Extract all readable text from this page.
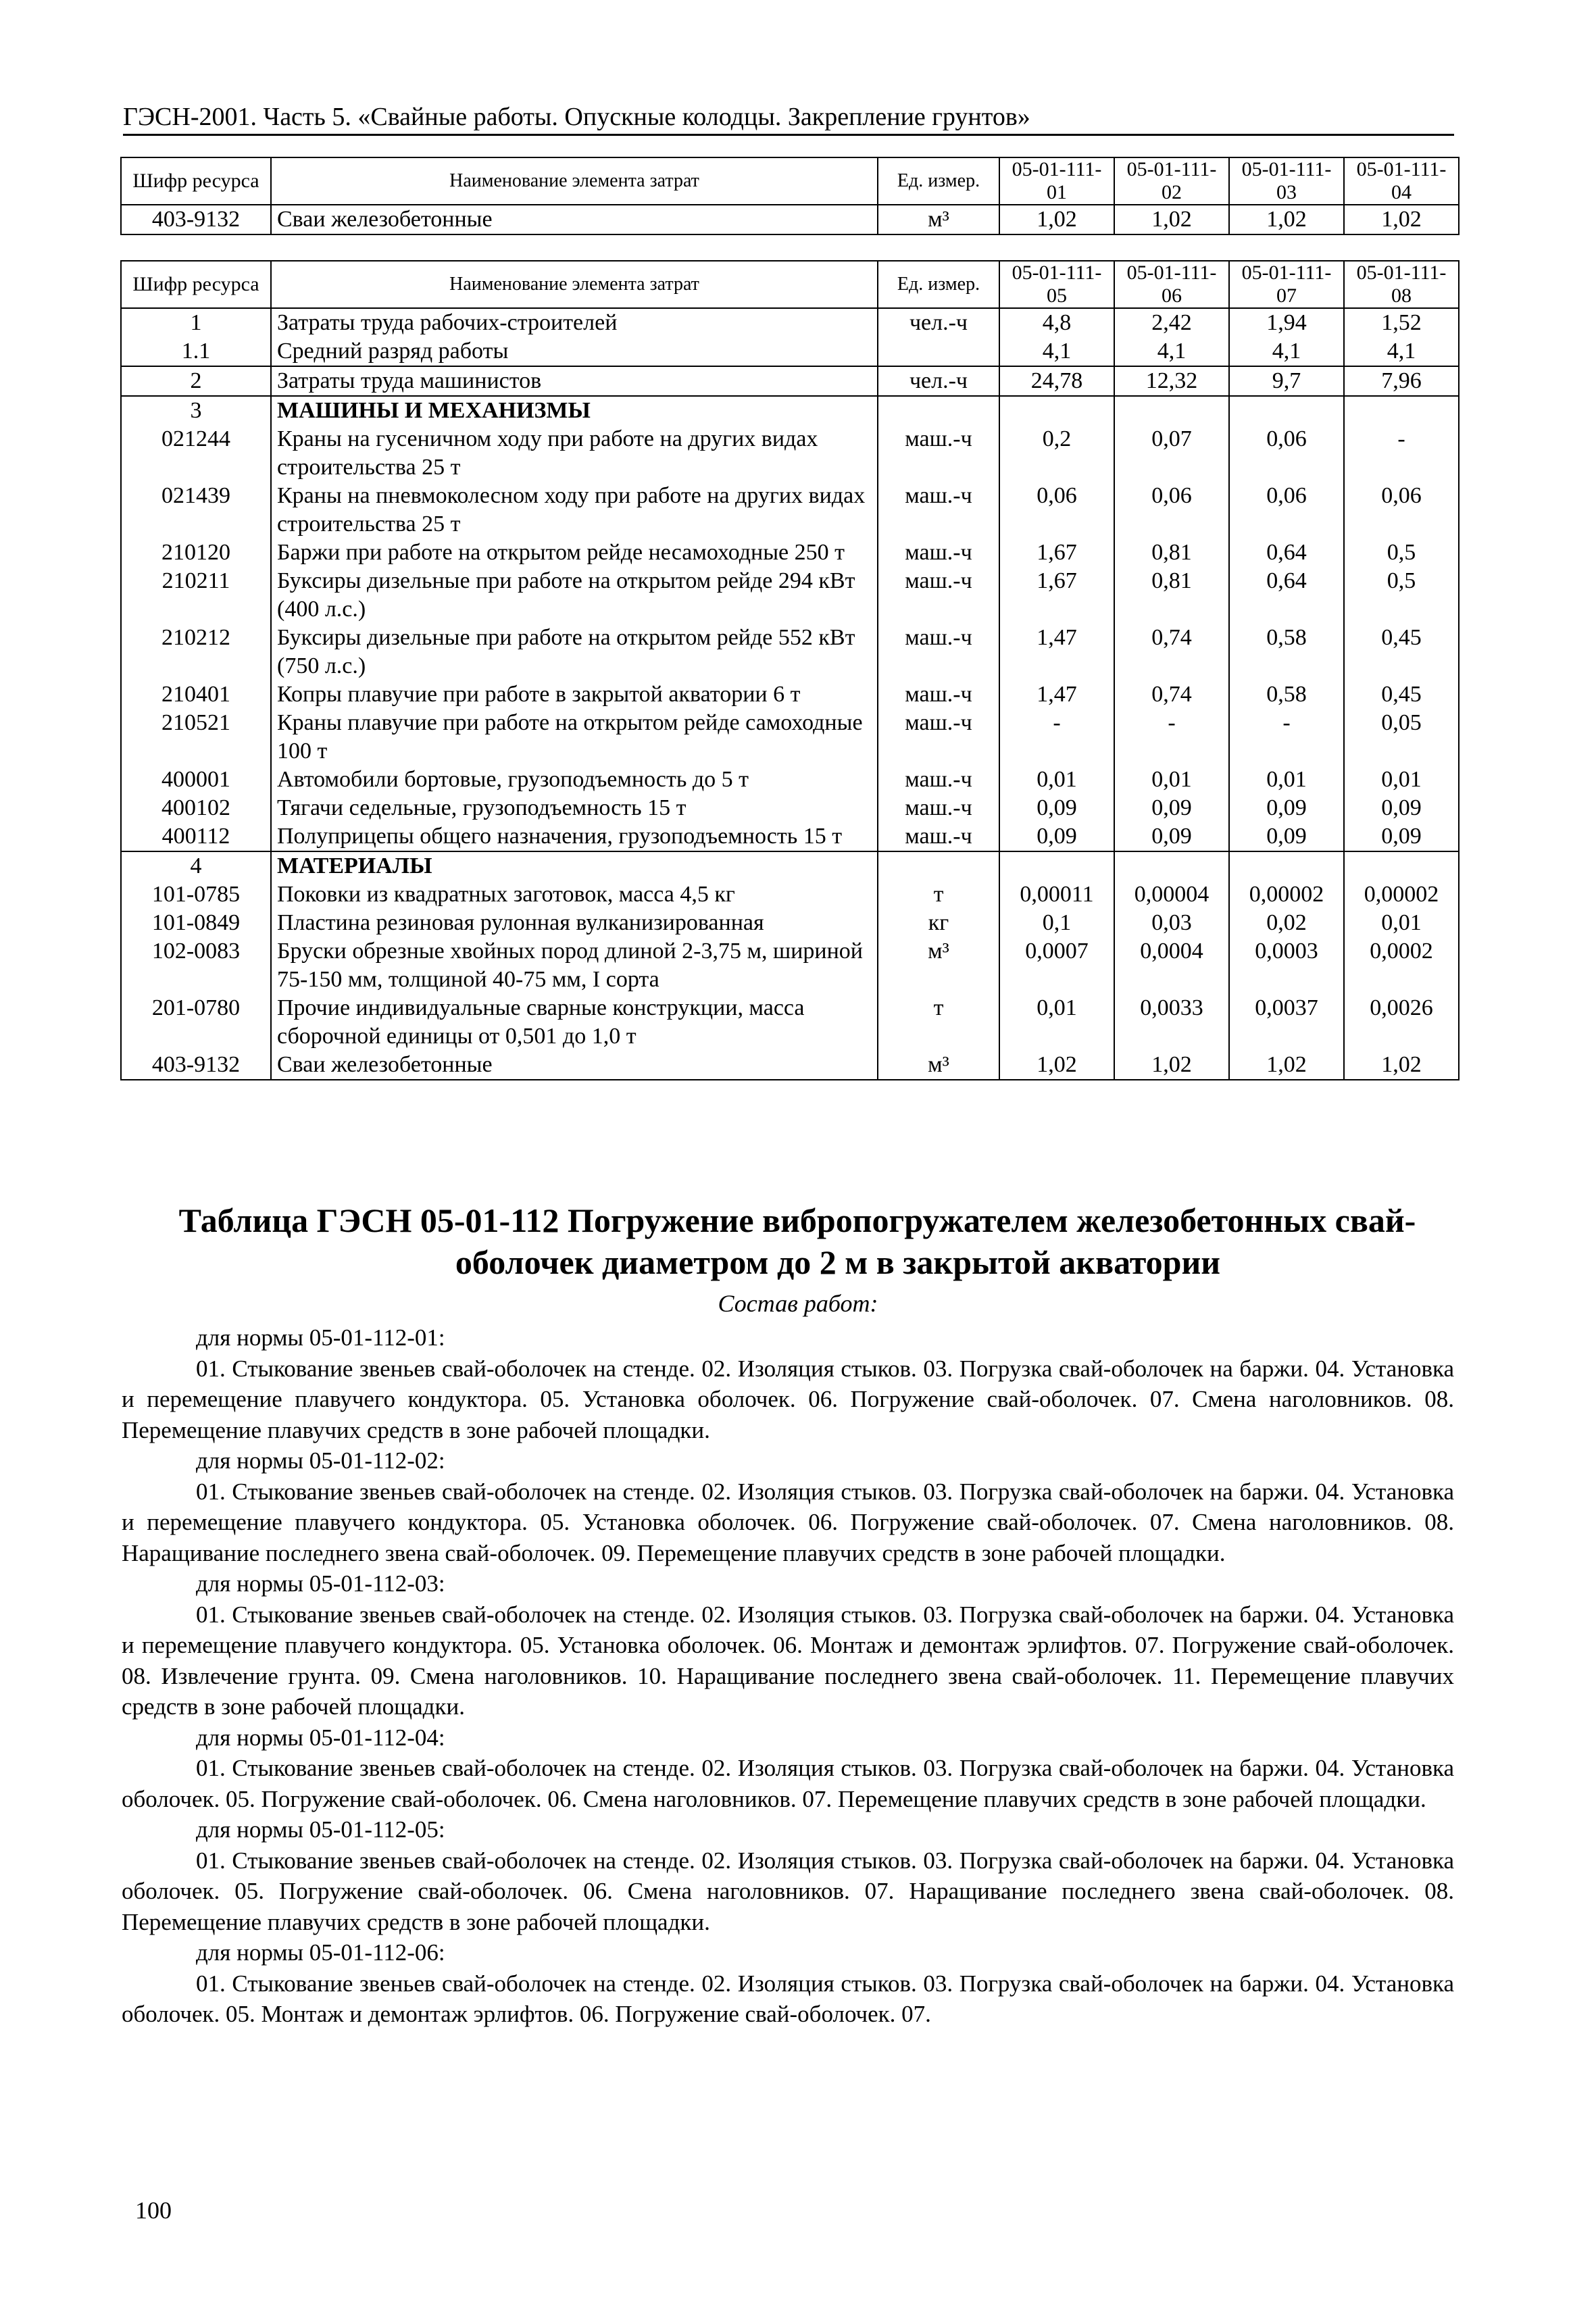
ГЭСН-2001. Часть 5. «Свайные работы. Опускные колодцы. Закрепление грунтов»
Шифр ресурса	Наименование элемента затрат	Ед. измер.	05-01-111-01	05-01-111-02	05-01-111-03	05-01-111-04
403-9132	Сваи железобетонные	м³	1,02	1,02	1,02	1,02
Шифр ресурса	Наименование элемента затрат	Ед. измер.	05-01-111-05	05-01-111-06	05-01-111-07	05-01-111-08
1	Затраты труда рабочих-строителей	чел.-ч	4,8	2,42	1,94	1,52
1.1	Средний разряд работы		4,1	4,1	4,1	4,1
2	Затраты труда машинистов	чел.-ч	24,78	12,32	9,7	7,96
3	МАШИНЫ И МЕХАНИЗМЫ					
021244	Краны на гусеничном ходу при работе на других видах строительства 25 т	маш.-ч	0,2	0,07	0,06	-
021439	Краны на пневмоколесном ходу при работе на других видах строительства 25 т	маш.-ч	0,06	0,06	0,06	0,06
210120	Баржи при работе на открытом рейде несамоходные 250 т	маш.-ч	1,67	0,81	0,64	0,5
210211	Буксиры дизельные при работе на открытом рейде 294 кВт (400 л.с.)	маш.-ч	1,67	0,81	0,64	0,5
210212	Буксиры дизельные при работе на открытом рейде 552 кВт (750 л.с.)	маш.-ч	1,47	0,74	0,58	0,45
210401	Копры плавучие при работе в закрытой акватории 6 т	маш.-ч	1,47	0,74	0,58	0,45
210521	Краны плавучие при работе на открытом рейде самоходные 100 т	маш.-ч	-	-	-	0,05
400001	Автомобили бортовые, грузоподъемность до 5 т	маш.-ч	0,01	0,01	0,01	0,01
400102	Тягачи седельные, грузоподъемность 15 т	маш.-ч	0,09	0,09	0,09	0,09
400112	Полуприцепы общего назначения, грузоподъемность 15 т	маш.-ч	0,09	0,09	0,09	0,09
4	МАТЕРИАЛЫ					
101-0785	Поковки из квадратных заготовок, масса 4,5 кг	т	0,00011	0,00004	0,00002	0,00002
101-0849	Пластина резиновая рулонная вулканизированная	кг	0,1	0,03	0,02	0,01
102-0083	Бруски обрезные хвойных пород длиной 2-3,75 м, шириной 75-150 мм, толщиной 40-75 мм, I сорта	м³	0,0007	0,0004	0,0003	0,0002
201-0780	Прочие индивидуальные сварные конструкции, масса сборочной единицы от 0,501 до 1,0 т	т	0,01	0,0033	0,0037	0,0026
403-9132	Сваи железобетонные	м³	1,02	1,02	1,02	1,02
Таблица ГЭСН 05-01-112 Погружение вибропогружателем железобетонных свай-
оболочек диаметром до 2 м в закрытой акватории
Состав работ:
для нормы 05-01-112-01:
01. Стыкование звеньев свай-оболочек на стенде. 02. Изоляция стыков. 03. Погрузка свай-оболочек на баржи. 04. Установка и перемещение плавучего кондуктора. 05. Установка оболочек. 06. Погружение свай-оболочек. 07. Смена наголовников. 08. Перемещение плавучих средств в зоне рабочей площадки.
для нормы 05-01-112-02:
01. Стыкование звеньев свай-оболочек на стенде. 02. Изоляция стыков. 03. Погрузка свай-оболочек на баржи. 04. Установка и перемещение плавучего кондуктора. 05. Установка оболочек. 06. Погружение свай-оболочек. 07. Смена наголовников. 08. Наращивание последнего звена свай-оболочек. 09. Перемещение плавучих средств в зоне рабочей площадки.
для нормы 05-01-112-03:
01. Стыкование звеньев свай-оболочек на стенде. 02. Изоляция стыков. 03. Погрузка свай-оболочек на баржи. 04. Установка и перемещение плавучего кондуктора. 05. Установка оболочек. 06. Монтаж и демонтаж эрлифтов. 07. Погружение свай-оболочек. 08. Извлечение грунта. 09. Смена наголовников. 10. Наращивание последнего звена свай-оболочек. 11. Перемещение плавучих средств в зоне рабочей площадки.
для нормы 05-01-112-04:
01. Стыкование звеньев свай-оболочек на стенде. 02. Изоляция стыков. 03. Погрузка свай-оболочек на баржи. 04. Установка оболочек. 05. Погружение свай-оболочек. 06. Смена наголовников. 07. Перемещение плавучих средств в зоне рабочей площадки.
для нормы 05-01-112-05:
01. Стыкование звеньев свай-оболочек на стенде. 02. Изоляция стыков. 03. Погрузка свай-оболочек на баржи. 04. Установка оболочек. 05. Погружение свай-оболочек. 06. Смена наголовников. 07. Наращивание последнего звена свай-оболочек. 08. Перемещение плавучих средств в зоне рабочей площадки.
для нормы 05-01-112-06:
01. Стыкование звеньев свай-оболочек на стенде. 02. Изоляция стыков. 03. Погрузка свай-оболочек на баржи. 04. Установка оболочек. 05. Монтаж и демонтаж эрлифтов. 06. Погружение свай-оболочек. 07.
100
